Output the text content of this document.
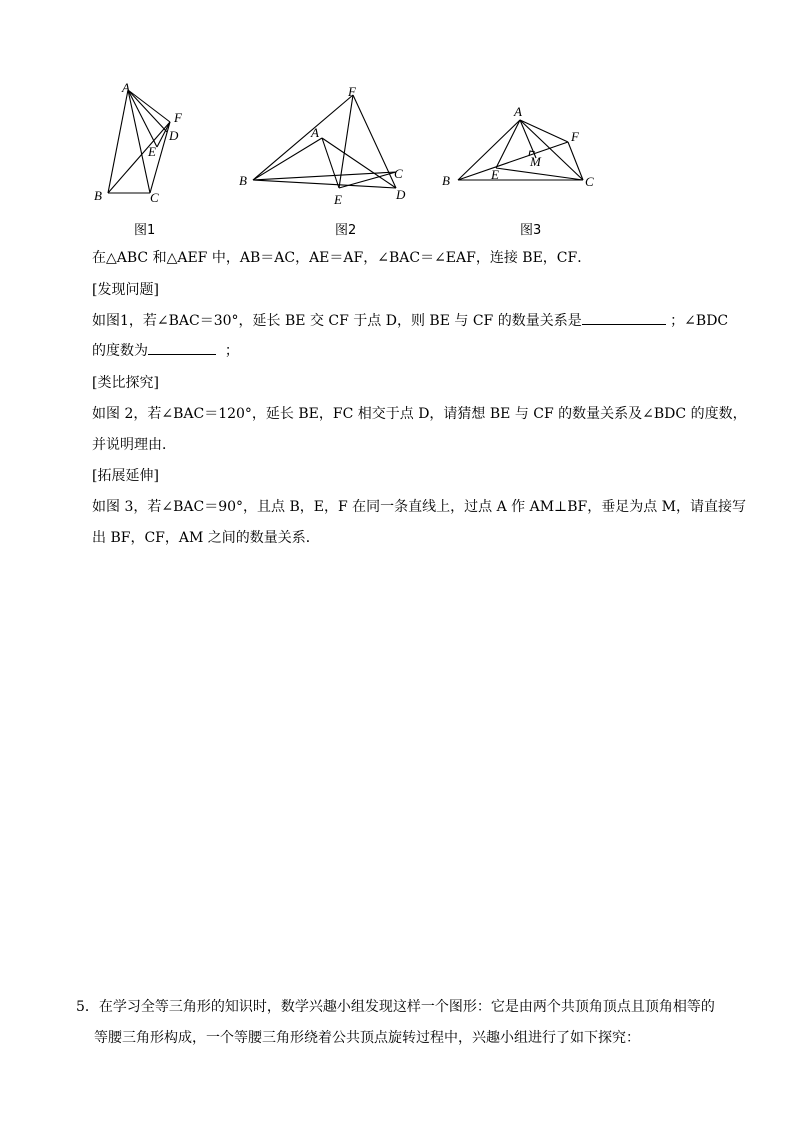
A
B	C
D
E
F
图1
F
A
B	C
D
E
图2
A
B	C
E
F
M
图3
在△ABC 和△AEF 中，AB＝AC，AE＝AF，∠BAC＝∠EAF，连接 BE，CF．
[发现问题]
如图1，若∠BAC＝30°，延长 BE 交 CF 于点 D，则 BE 与 CF 的数量关系是	；∠BDC
的度数为	；
[类比探究]
如图 2，若∠BAC＝120°，延长 BE，FC 相交于点 D，请猜想 BE 与 CF 的数量关系及∠BDC 的度数，
并说明理由．
[拓展延伸]
如图 3，若∠BAC＝90°，且点 B，E，F 在同一条直线上，过点 A 作 AM⊥BF，垂足为点 M，请直接写
出 BF，CF，AM 之间的数量关系．
5．在学习全等三角形的知识时，数学兴趣小组发现这样一个图形：它是由两个共顶角顶点且顶角相等的
等腰三角形构成，一个等腰三角形绕着公共顶点旋转过程中，兴趣小组进行了如下探究：
